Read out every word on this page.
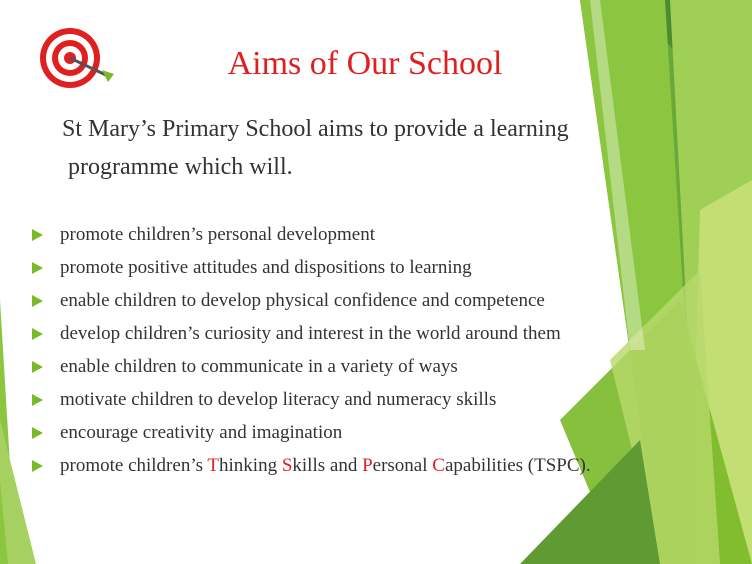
Aims of Our School
St Mary’s Primary School aims to provide a learning

programme which will.
promote children’s personal development
promote positive attitudes and dispositions to learning
enable children to develop physical confidence and competence
develop children’s curiosity and interest in the world around them
enable children to communicate in a variety of ways
motivate children to develop literacy and numeracy skills
encourage creativity and imagination
promote children’s Thinking Skills and Personal Capabilities (TSPC).
